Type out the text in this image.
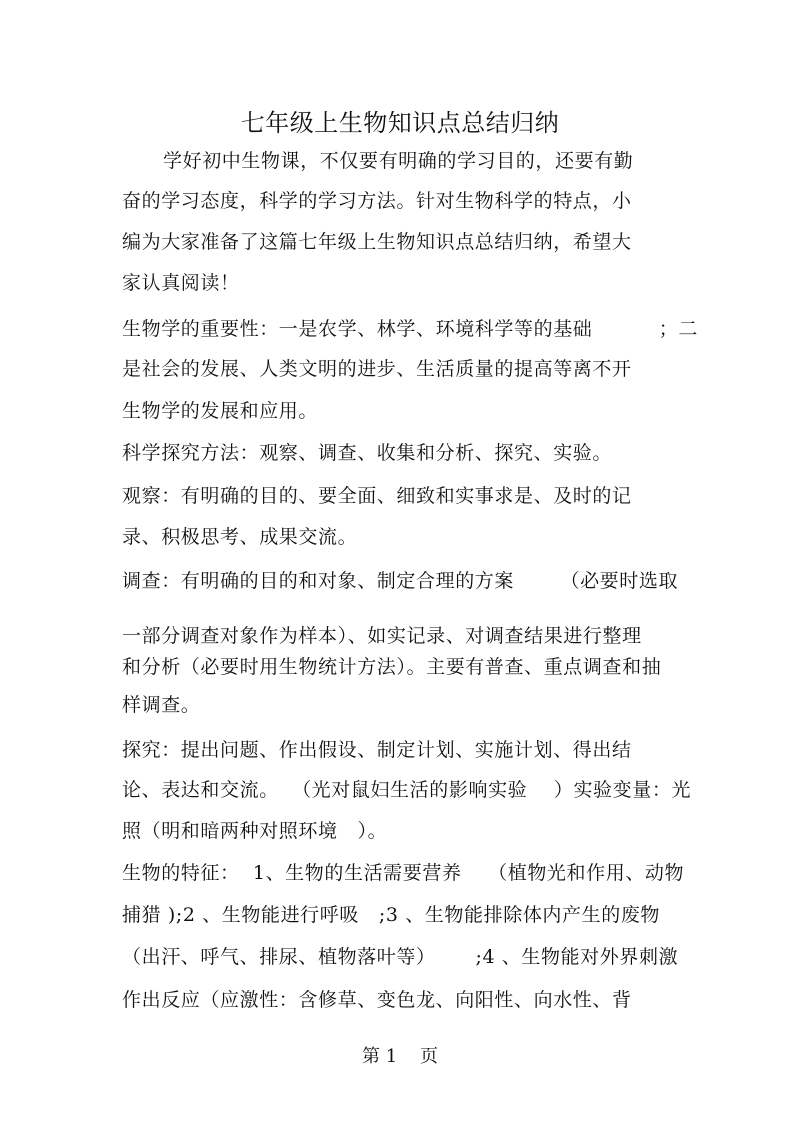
七年级上生物知识点总结归纳
学好初中生物课，不仅要有明确的学习目的，还要有勤
奋的学习态度，科学的学习方法。针对生物科学的特点，小
编为大家准备了这篇七年级上生物知识点总结归纳，希望大
家认真阅读！
生物学的重要性：一是农学、林学、环境科学等的基础          ；二
是社会的发展、人类文明的进步、生活质量的提高等离不开
生物学的发展和应用。
科学探究方法：观察、调查、收集和分析、探究、实验。
观察：有明确的目的、要全面、细致和实事求是、及时的记
录、积极思考、成果交流。
调查：有明确的目的和对象、制定合理的方案       （必要时选取
一部分调查对象作为样本）、如实记录、对调查结果进行整理
和分析（必要时用生物统计方法）。主要有普查、重点调查和抽
样调查。
探究：提出问题、作出假设、制定计划、实施计划、得出结
论、表达和交流。  （光对鼠妇生活的影响实验    ）实验变量：光
照（明和暗两种对照环境   ）。
生物的特征：  1、生物的生活需要营养    （植物光和作用、动物
捕猎 );2 、生物能进行呼吸   ;3 、生物能排除体内产生的废物
（出汗、呼气、排尿、植物落叶等）      ;4 、生物能对外界刺激
作出反应（应激性：含修草、变色龙、向阳性、向水性、背
第 1    页
